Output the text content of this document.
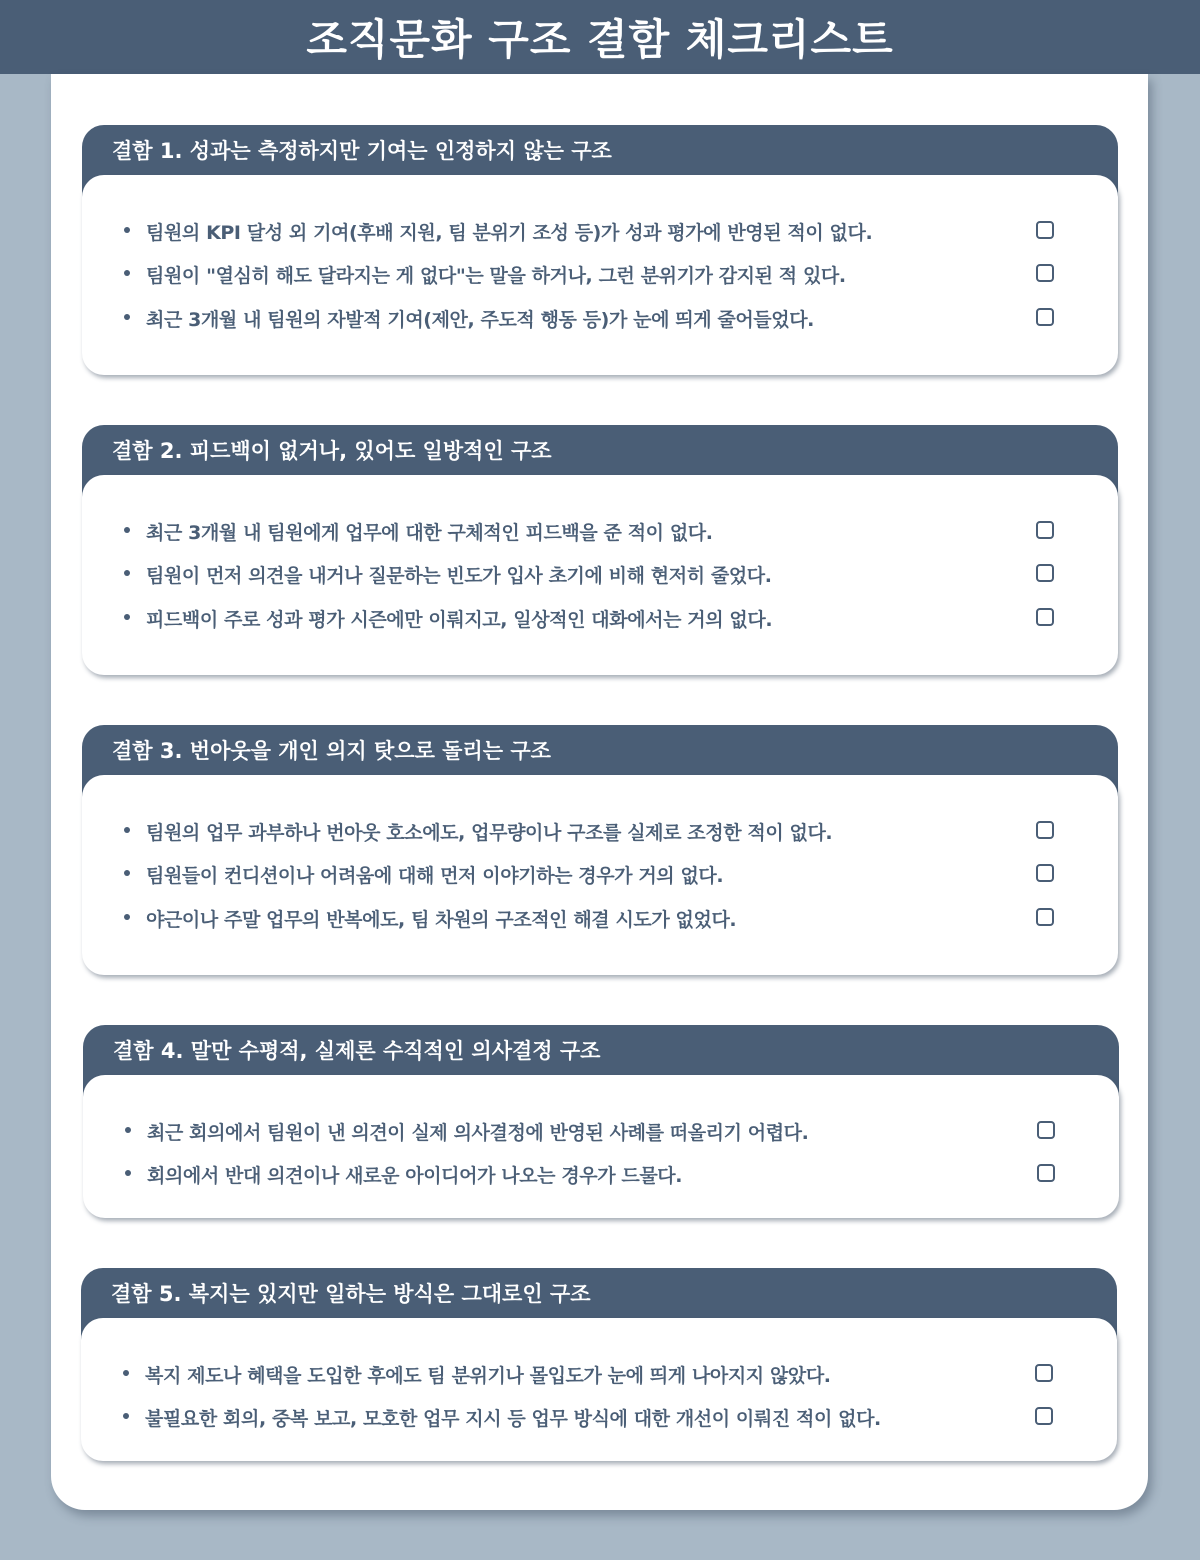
조직문화 구조 결함 체크리스트
결함 1. 성과는 측정하지만 기여는 인정하지 않는 구조
팀원의 KPI 달성 외 기여(후배 지원, 팀 분위기 조성 등)가 성과 평가에 반영된 적이 없다.
팀원이 "열심히 해도 달라지는 게 없다"는 말을 하거나, 그런 분위기가 감지된 적 있다.
최근 3개월 내 팀원의 자발적 기여(제안, 주도적 행동 등)가 눈에 띄게 줄어들었다.
결함 2. 피드백이 없거나, 있어도 일방적인 구조
최근 3개월 내 팀원에게 업무에 대한 구체적인 피드백을 준 적이 없다.
팀원이 먼저 의견을 내거나 질문하는 빈도가 입사 초기에 비해 현저히 줄었다.
피드백이 주로 성과 평가 시즌에만 이뤄지고, 일상적인 대화에서는 거의 없다.
결함 3. 번아웃을 개인 의지 탓으로 돌리는 구조
팀원의 업무 과부하나 번아웃 호소에도, 업무량이나 구조를 실제로 조정한 적이 없다.
팀원들이 컨디션이나 어려움에 대해 먼저 이야기하는 경우가 거의 없다.
야근이나 주말 업무의 반복에도, 팀 차원의 구조적인 해결 시도가 없었다.
결함 4. 말만 수평적, 실제론 수직적인 의사결정 구조
최근 회의에서 팀원이 낸 의견이 실제 의사결정에 반영된 사례를 떠올리기 어렵다.
회의에서 반대 의견이나 새로운 아이디어가 나오는 경우가 드물다.
결함 5. 복지는 있지만 일하는 방식은 그대로인 구조
복지 제도나 혜택을 도입한 후에도 팀 분위기나 몰입도가 눈에 띄게 나아지지 않았다.
불필요한 회의, 중복 보고, 모호한 업무 지시 등 업무 방식에 대한 개선이 이뤄진 적이 없다.
